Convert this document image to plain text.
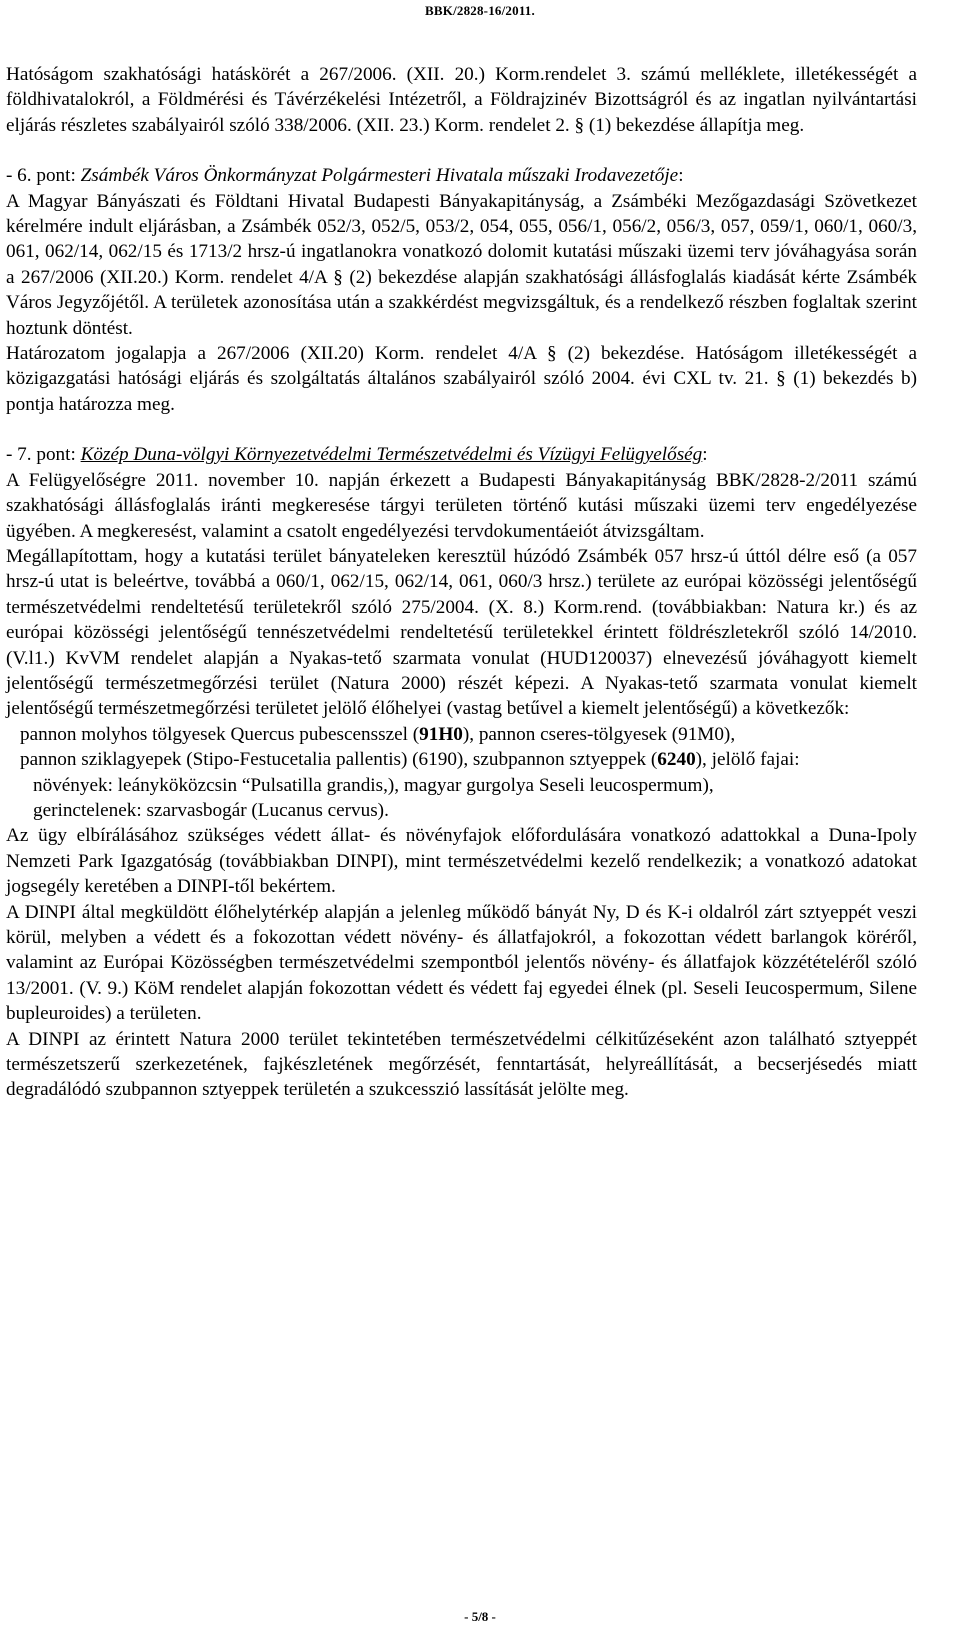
BBK/2828-16/2011.

Hatóságom szakhatósági hatáskörét a 267/2006. (XII. 20.) Korm.rendelet 3. számú melléklete, illetékességét a földhivatalokról, a Földmérési és Távérzékelési Intézetről, a Földrajzinév Bizottságról és az ingatlan nyilvántartási eljárás részletes szabályairól szóló 338/2006. (XII. 23.) Korm. rendelet 2. § (1) bekezdése állapítja meg.

- 6. pont: Zsámbék Város Önkormányzat Polgármesteri Hivatala műszaki Irodavezetője:

A Magyar Bányászati és Földtani Hivatal Budapesti Bányakapitányság, a Zsámbéki Mezőgazdasági Szövetkezet kérelmére indult eljárásban, a Zsámbék 052/3, 052/5, 053/2, 054, 055, 056/1, 056/2, 056/3, 057, 059/1, 060/1, 060/3, 061, 062/14, 062/15 és 1713/2 hrsz-ú ingatlanokra vonatkozó dolomit kutatási műszaki üzemi terv jóváhagyása során a 267/2006 (XII.20.) Korm. rendelet 4/A § (2) bekezdése alapján szakhatósági állásfoglalás kiadását kérte Zsámbék Város Jegyzőjétől. A területek azonosítása után a szakkérdést megvizsgáltuk, és a rendelkező részben foglaltak szerint hoztunk döntést.

Határozatom jogalapja a 267/2006 (XII.20) Korm. rendelet 4/A § (2) bekezdése. Hatóságom illetékességét a közigazgatási hatósági eljárás és szolgáltatás általános szabályairól szóló 2004. évi CXL tv. 21. § (1) bekezdés b) pontja határozza meg.

- 7. pont: Közép Duna-völgyi Környezetvédelmi Természetvédelmi és Vízügyi Felügyelőség:

A Felügyelőségre 2011. november 10. napján érkezett a Budapesti Bányakapitányság BBK/2828-2/2011 számú szakhatósági állásfoglalás iránti megkeresése tárgyi területen történő kutási műszaki üzemi terv engedélyezése ügyében. A megkeresést, valamint a csatolt engedélyezési tervdokumentáeiót átvizsgáltam.

Megállapítottam, hogy a kutatási terület bányateleken keresztül húzódó Zsámbék 057 hrsz-ú úttól délre eső (a 057 hrsz-ú utat is beleértve, továbbá a 060/1, 062/15, 062/14, 061, 060/3 hrsz.) területe az európai közösségi jelentőségű természetvédelmi rendeltetésű területekről szóló 275/2004. (X. 8.) Korm.rend. (továbbiakban: Natura kr.) és az európai közösségi jelentőségű tennészetvédelmi rendeltetésű területekkel érintett földrészletekről szóló 14/2010. (V.l1.) KvVM rendelet alapján a Nyakas-tető szarmata vonulat (HUD120037) elnevezésű jóváhagyott kiemelt jelentőségű természetmegőrzési terület (Natura 2000) részét képezi. A Nyakas-tető szarmata vonulat kiemelt jelentőségű természetmegőrzési területet jelölő élőhelyei (vastag betűvel a kiemelt jelentőségű) a következők:

pannon molyhos tölgyesek Quercus pubescensszel (91H0), pannon cseres-tölgyesek (91M0),

pannon sziklagyepek (Stipo-Festucetalia pallentis) (6190), szubpannon sztyeppek (6240), jelölő fajai:

növények: leányköközcsin “Pulsatilla grandis,), magyar gurgolya Seseli leucospermum),

gerinctelenek: szarvasbogár (Lucanus cervus).

Az ügy elbírálásához szükséges védett állat- és növényfajok előfordulására vonatkozó adattokkal a Duna-Ipoly Nemzeti Park Igazgatóság (továbbiakban DINPI), mint természetvédelmi kezelő rendelkezik; a vonatkozó adatokat jogsegély keretében a DINPI-től bekértem.

A DINPI által megküldött élőhelytérkép alapján a jelenleg működő bányát Ny, D és K-i oldalról zárt sztyeppét veszi körül, melyben a védett és a fokozottan védett növény- és állatfajokról, a fokozottan védett barlangok köréről, valamint az Európai Közösségben természetvédelmi szempontból jelentős növény- és állatfajok közzétételéről szóló 13/2001. (V. 9.) KöM rendelet alapján fokozottan védett és védett faj egyedei élnek (pl. Seseli Ieucospermum, Silene bupleuroides) a területen.

A DINPI az érintett Natura 2000 terület tekintetében természetvédelmi célkitűzéseként azon található sztyeppét természetszerű szerkezetének, fajkészletének megőrzését, fenntartását, helyreállítását, a becserjésedés miatt degradálódó szubpannon sztyeppek területén a szukcesszió lassítását jelölte meg.

- 5/8 -
